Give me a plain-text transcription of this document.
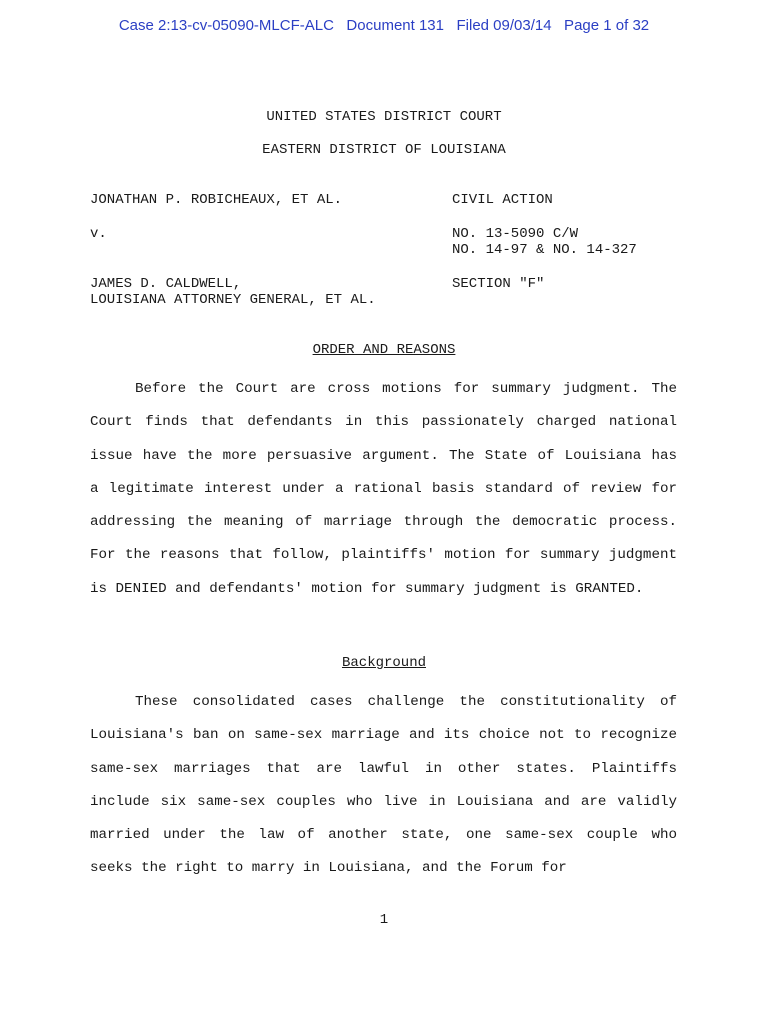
Case 2:13-cv-05090-MLCF-ALC   Document 131   Filed 09/03/14   Page 1 of 32
UNITED STATES DISTRICT COURT
EASTERN DISTRICT OF LOUISIANA
JONATHAN P. ROBICHEAUX, ET AL.	CIVIL ACTION
v.	NO. 13-5090 C/W
NO. 14-97 & NO. 14-327
JAMES D. CALDWELL,
LOUISIANA ATTORNEY GENERAL, ET AL.
SECTION "F"
ORDER AND REASONS

Before the Court are cross motions for summary judgment. The Court finds that defendants in this passionately charged national issue have the more persuasive argument. The State of Louisiana has a legitimate interest under a rational basis standard of review for addressing the meaning of marriage through the democratic process. For the reasons that follow, plaintiffs' motion for summary judgment is DENIED and defendants' motion for summary judgment is GRANTED.

Background

These consolidated cases challenge the constitutionality of Louisiana's ban on same-sex marriage and its choice not to recognize same-sex marriages that are lawful in other states. Plaintiffs include six same-sex couples who live in Louisiana and are validly married under the law of another state, one same-sex couple who seeks the right to marry in Louisiana, and the Forum for

1
